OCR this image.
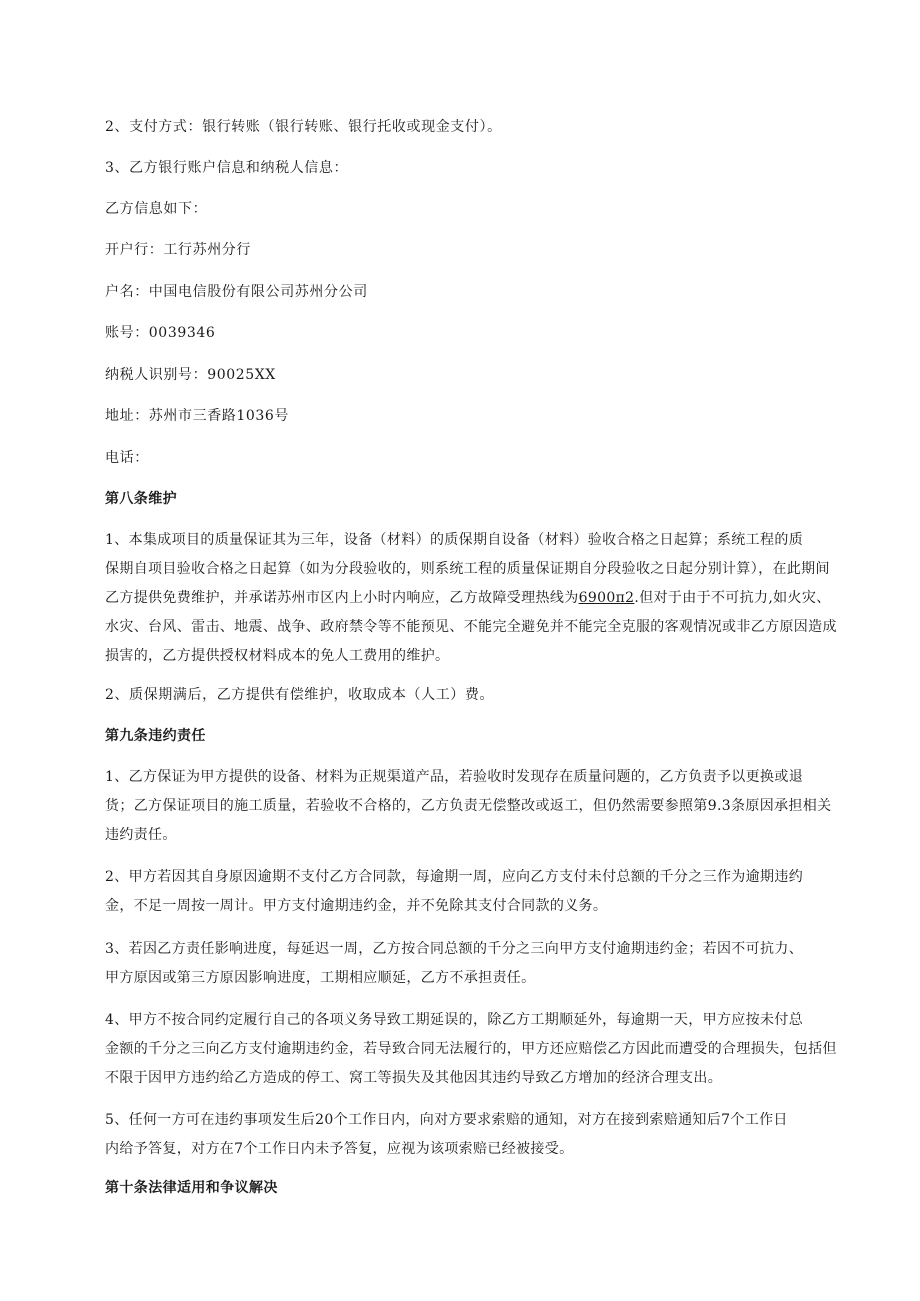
2、支付方式：银行转账（银行转账、银行托收或现金支付）。
3、乙方银行账户信息和纳税人信息：
乙方信息如下：
开户行：工行苏州分行
户名：中国电信股份有限公司苏州分公司
账号：0039346
纳税人识别号：90025XX
地址：苏州市三香路1036号
电话：
第八条维护

1、本集成项目的质量保证其为三年，设备（材料）的质保期自设备（材料）验收合格之日起算；系统工程的质

保期自项目验收合格之日起算（如为分段验收的，则系统工程的质量保证期自分段验收之日起分别计算），在此期间

乙方提供免费维护，并承诺苏州市区内上小时内响应，乙方故障受理热线为6900π2.但对于由于不可抗力,如火灾、

水灾、台风、雷击、地震、战争、政府禁令等不能预见、不能完全避免并不能完全克服的客观情况或非乙方原因造成

损害的，乙方提供授权材料成本的免人工费用的维护。

2、质保期满后，乙方提供有偿维护，收取成本（人工）费。
第九条违约责任

1、乙方保证为甲方提供的设备、材料为正规渠道产品，若验收时发现存在质量问题的，乙方负责予以更换或退

货；乙方保证项目的施工质量，若验收不合格的，乙方负责无偿整改或返工，但仍然需要参照第9.3条原因承担相关

违约责任。

2、甲方若因其自身原因逾期不支付乙方合同款，每逾期一周，应向乙方支付未付总额的千分之三作为逾期违约

金，不足一周按一周计。甲方支付逾期违约金，并不免除其支付合同款的义务。

3、若因乙方责任影响进度，每延迟一周，乙方按合同总额的千分之三向甲方支付逾期违约金；若因不可抗力、

甲方原因或第三方原因影响进度，工期相应顺延，乙方不承担责任。

4、甲方不按合同约定履行自己的各项义务导致工期延误的，除乙方工期顺延外，每逾期一天，甲方应按未付总

金额的千分之三向乙方支付逾期违约金，若导致合同无法履行的，甲方还应赔偿乙方因此而遭受的合理损失，包括但

不限于因甲方违约给乙方造成的停工、窝工等损失及其他因其违约导致乙方增加的经济合理支出。

5、任何一方可在违约事项发生后20个工作日内，向对方要求索赔的通知，对方在接到索赔通知后7个工作日

内给予答复，对方在7个工作日内未予答复，应视为该项索赔已经被接受。

第十条法律适用和争议解决
